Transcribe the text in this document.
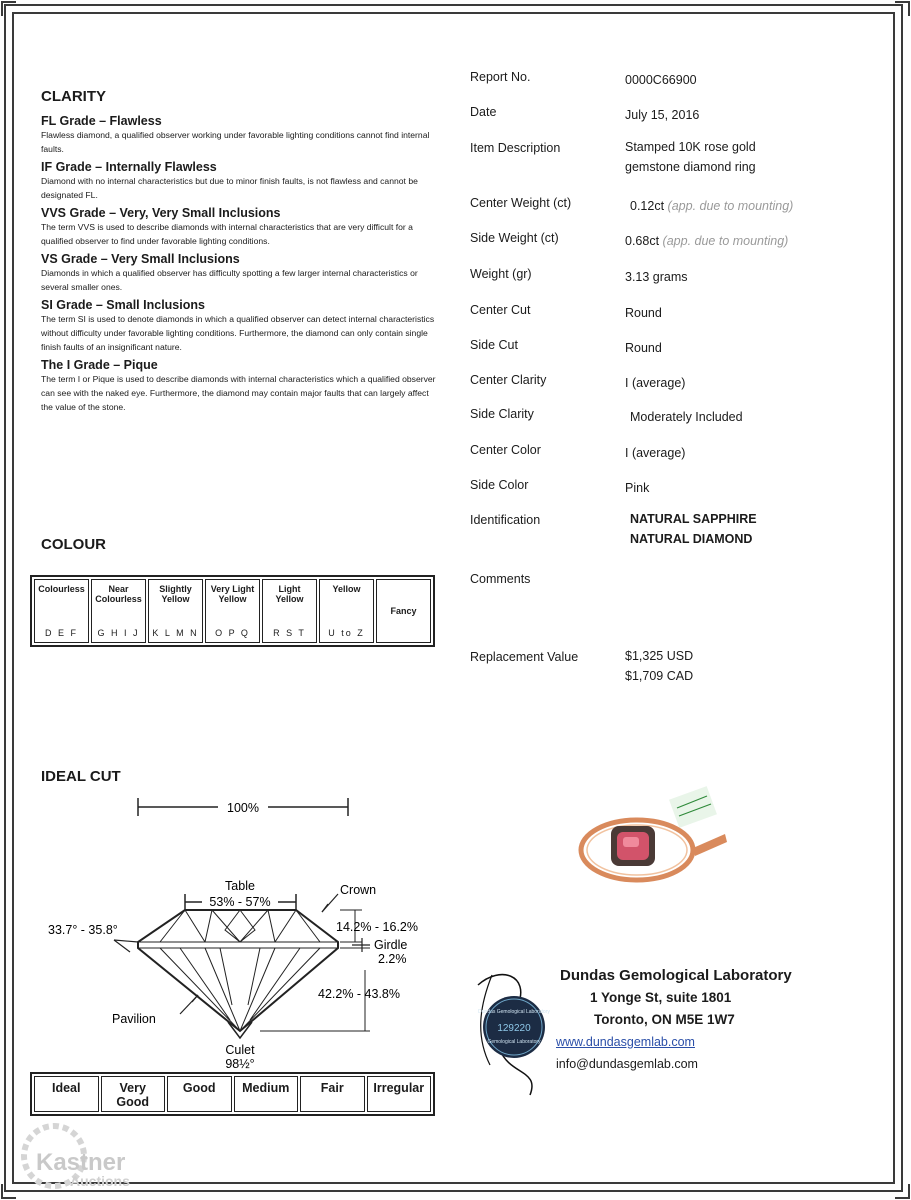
CLARITY
FL Grade – Flawless
Flawless diamond, a qualified observer working under favorable lighting conditions cannot find internal faults.
IF Grade – Internally Flawless
Diamond with no internal characteristics but due to minor finish faults, is not flawless and cannot be designated FL.
VVS Grade – Very, Very Small Inclusions
The term VVS is used to describe diamonds with internal characteristics that are very difficult for a qualified observer to find under favorable lighting conditions.
VS Grade – Very Small Inclusions
Diamonds in which a qualified observer has difficulty spotting a few larger internal characteristics or several smaller ones.
SI Grade – Small Inclusions
The term SI is used to denote diamonds in which a qualified observer can detect internal characteristics without difficulty under favorable lighting conditions. Furthermore, the diamond can only contain single finish faults of an insignificant nature.
The I Grade – Pique
The term I or Pique is used to describe diamonds with internal characteristics which a qualified observer can see with the naked eye. Furthermore, the diamond may contain major faults that can largely affect the value of the stone.
COLOUR
Colourless
D E F
Near Colourless
G H I J
Slightly Yellow
K L M N
Very Light Yellow
O P Q
Light Yellow
R S T
Yellow
U to Z
Fancy
IDEAL CUT
100%
Table
53% - 57%
Culet
33.7° - 35.8°
Crown
14.2% - 16.2%
Girdle
2.2%
42.2% - 43.8%
Pavilion
98½°
Ideal	Very Good
Good	Medium	Fair	Irregular
Report No.	0000C66900
Date	July 15, 2016
Item Description	Stamped 10K rose gold
gemstone diamond ring
Center Weight (ct)	0.12ct (app. due to mounting)
Side Weight (ct)	0.68ct (app. due to mounting)
Weight (gr)	3.13 grams
Center Cut	Round
Side Cut	Round
Center Clarity	I (average)
Side Clarity	Moderately Included
Center Color	I (average)
Side Color	Pink
Identification	NATURAL SAPPHIRE
NATURAL DIAMOND
Comments
Replacement Value	$1,325 USD
$1,709 CAD
Dundas Gemological Laboratory
129220
Gemological Laboratory
Dundas Gemological Laboratory
1 Yonge St, suite 1801
Toronto, ON M5E 1W7
www.dundasgemlab.com
info@dundasgemlab.com
Kastner
Auctions
